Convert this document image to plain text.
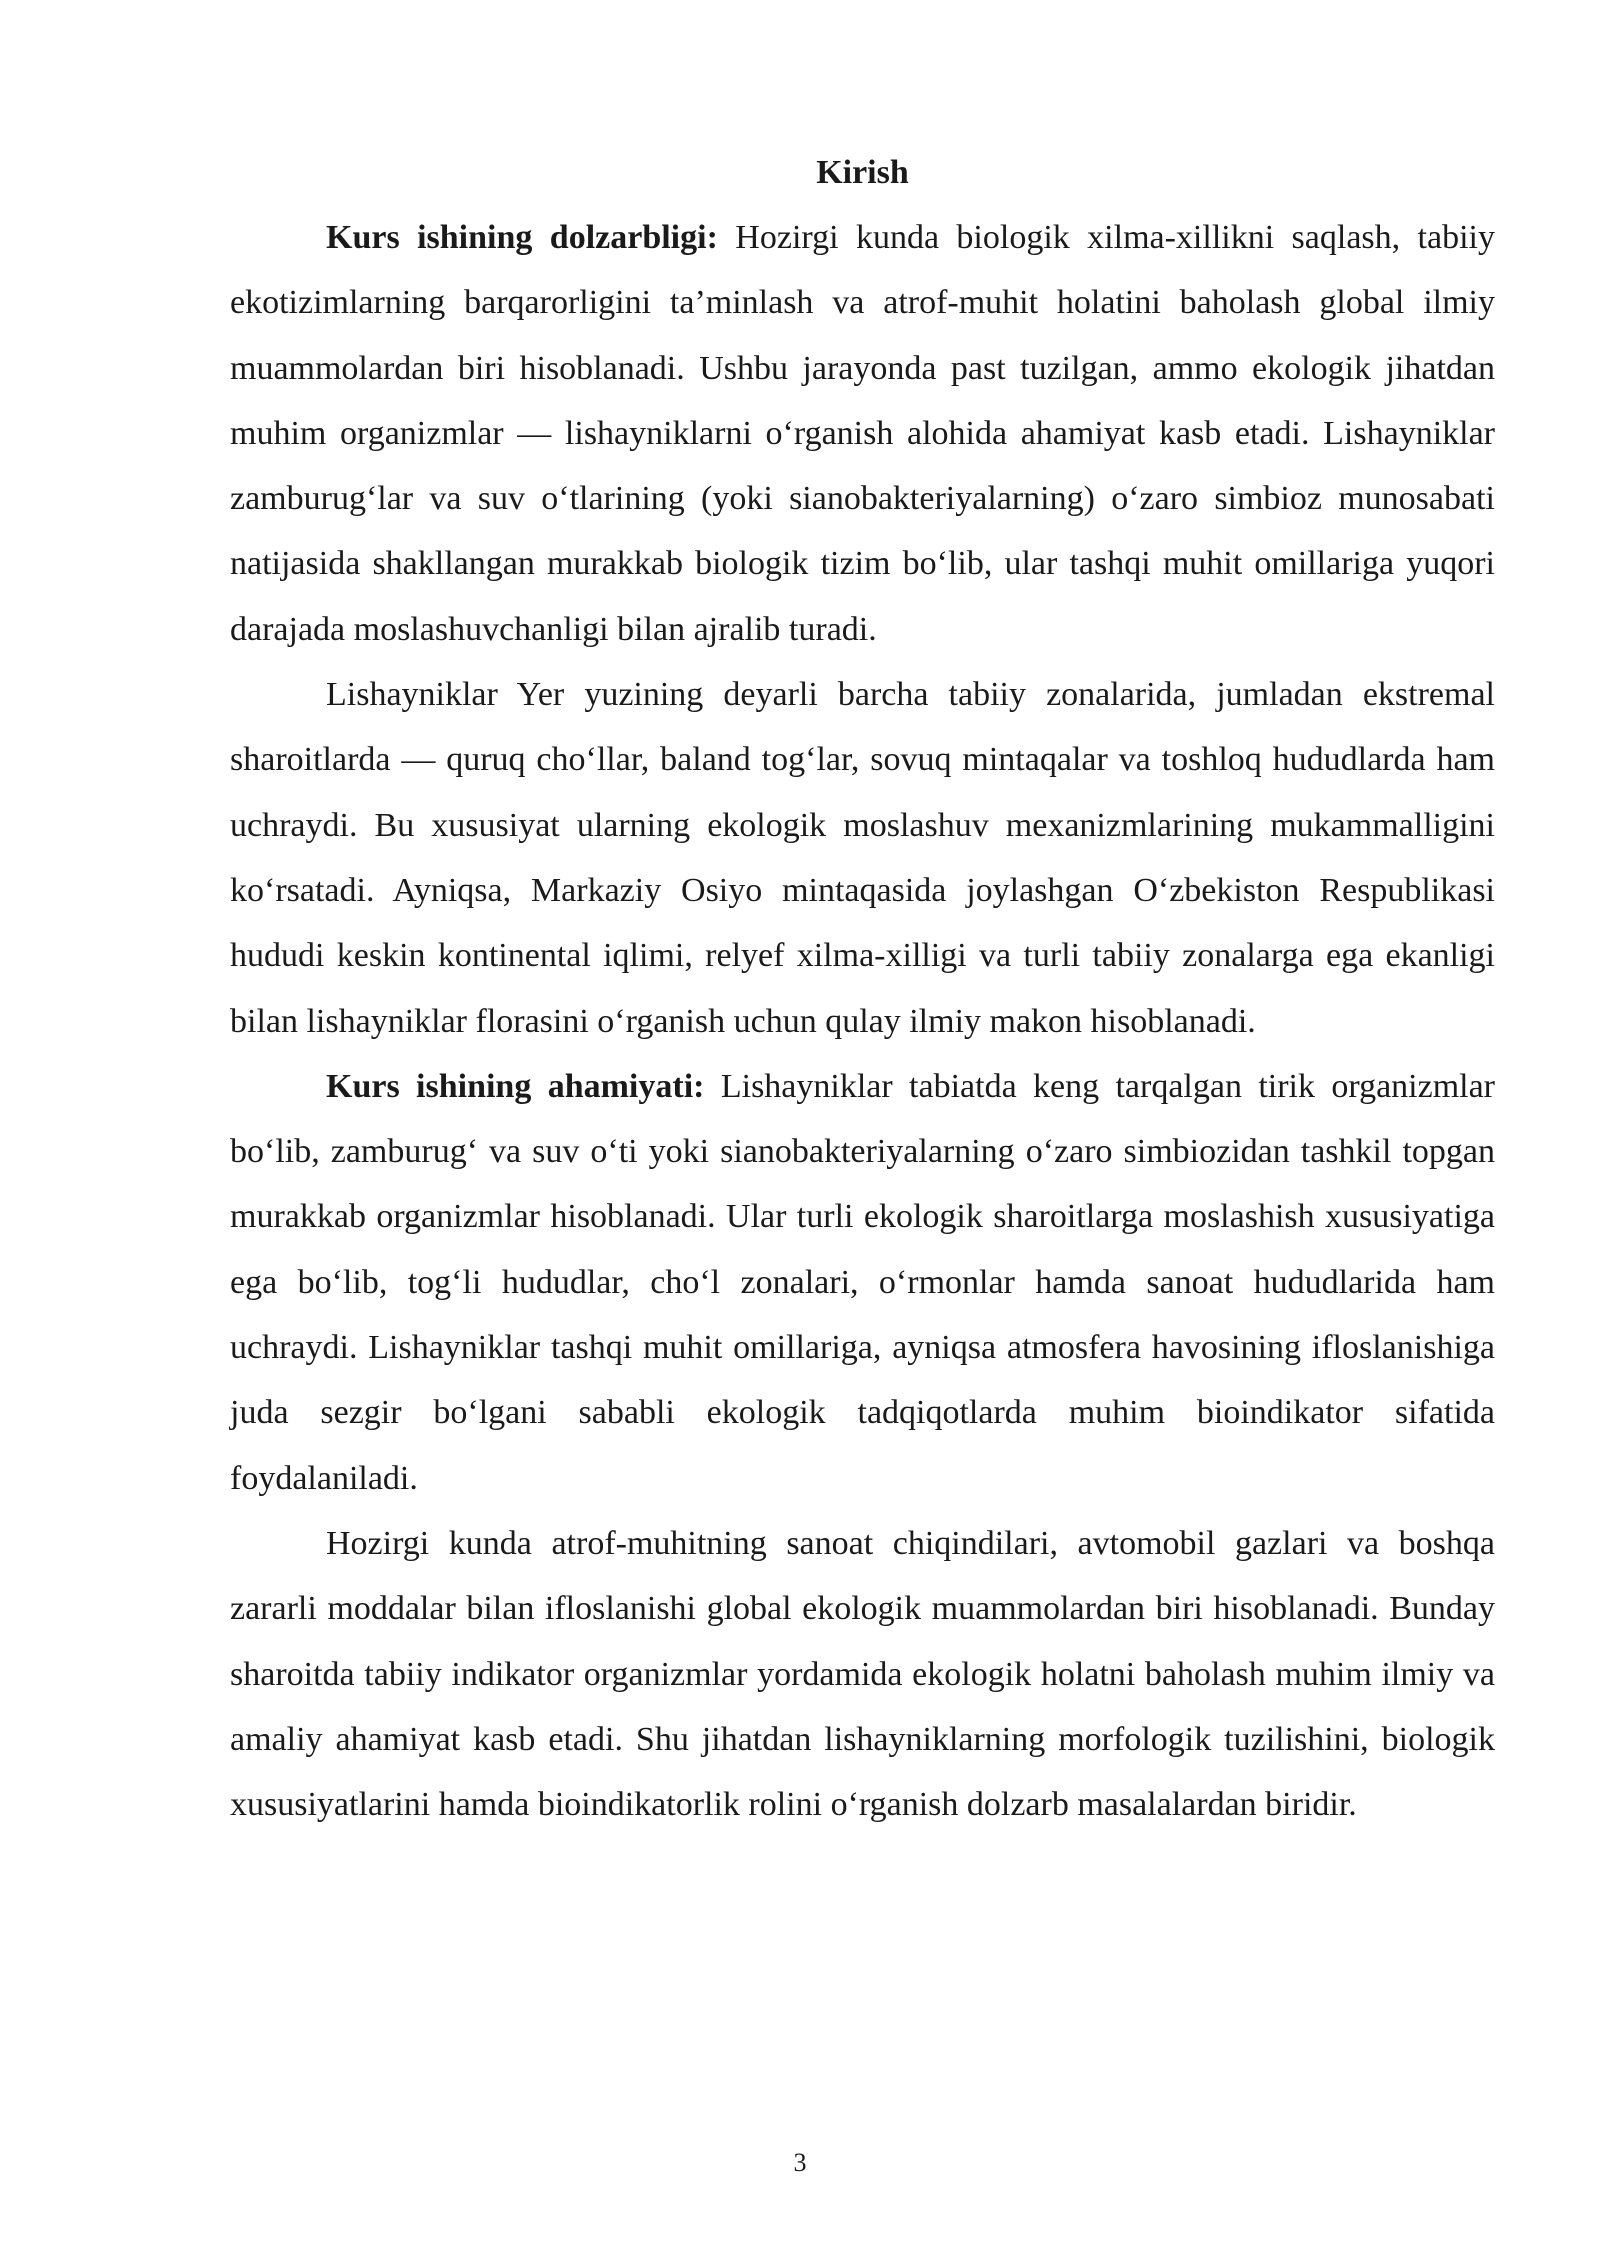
Kirish

Kurs ishining dolzarbligi: Hozirgi kunda biologik xilma-xillikni saqlash, tabiiy ekotizimlarning barqarorligini ta’minlash va atrof-muhit holatini baholash global ilmiy muammolardan biri hisoblanadi. Ushbu jarayonda past tuzilgan, ammo ekologik jihatdan muhim organizmlar — lishayniklarni o‘rganish alohida ahamiyat kasb etadi. Lishayniklar zamburug‘lar va suv o‘tlarining (yoki sianobakteriyalarning) o‘zaro simbioz munosabati natijasida shakllangan murakkab biologik tizim bo‘lib, ular tashqi muhit omillariga yuqori darajada moslashuvchanligi bilan ajralib turadi.

Lishayniklar Yer yuzining deyarli barcha tabiiy zonalarida, jumladan ekstremal sharoitlarda — quruq cho‘llar, baland tog‘lar, sovuq mintaqalar va toshloq hududlarda ham uchraydi. Bu xususiyat ularning ekologik moslashuv mexanizmlarining mukammalligini ko‘rsatadi. Ayniqsa, Markaziy Osiyo mintaqasida joylashgan O‘zbekiston Respublikasi hududi keskin kontinental iqlimi, relyef xilma-xilligi va turli tabiiy zonalarga ega ekanligi bilan lishayniklar florasini o‘rganish uchun qulay ilmiy makon hisoblanadi.

Kurs ishining ahamiyati: Lishayniklar tabiatda keng tarqalgan tirik organizmlar bo‘lib, zamburug‘ va suv o‘ti yoki sianobakteriyalarning o‘zaro simbiozidan tashkil topgan murakkab organizmlar hisoblanadi. Ular turli ekologik sharoitlarga moslashish xususiyatiga ega bo‘lib, tog‘li hududlar, cho‘l zonalari, o‘rmonlar hamda sanoat hududlarida ham uchraydi. Lishayniklar tashqi muhit omillariga, ayniqsa atmosfera havosining ifloslanishiga juda sezgir bo‘lgani sababli ekologik tadqiqotlarda muhim bioindikator sifatida foydalaniladi.

Hozirgi kunda atrof-muhitning sanoat chiqindilari, avtomobil gazlari va boshqa zararli moddalar bilan ifloslanishi global ekologik muammolardan biri hisoblanadi. Bunday sharoitda tabiiy indikator organizmlar yordamida ekologik holatni baholash muhim ilmiy va amaliy ahamiyat kasb etadi. Shu jihatdan lishayniklarning morfologik tuzilishini, biologik xususiyatlarini hamda bioindikatorlik rolini o‘rganish dolzarb masalalardan biridir.

3
